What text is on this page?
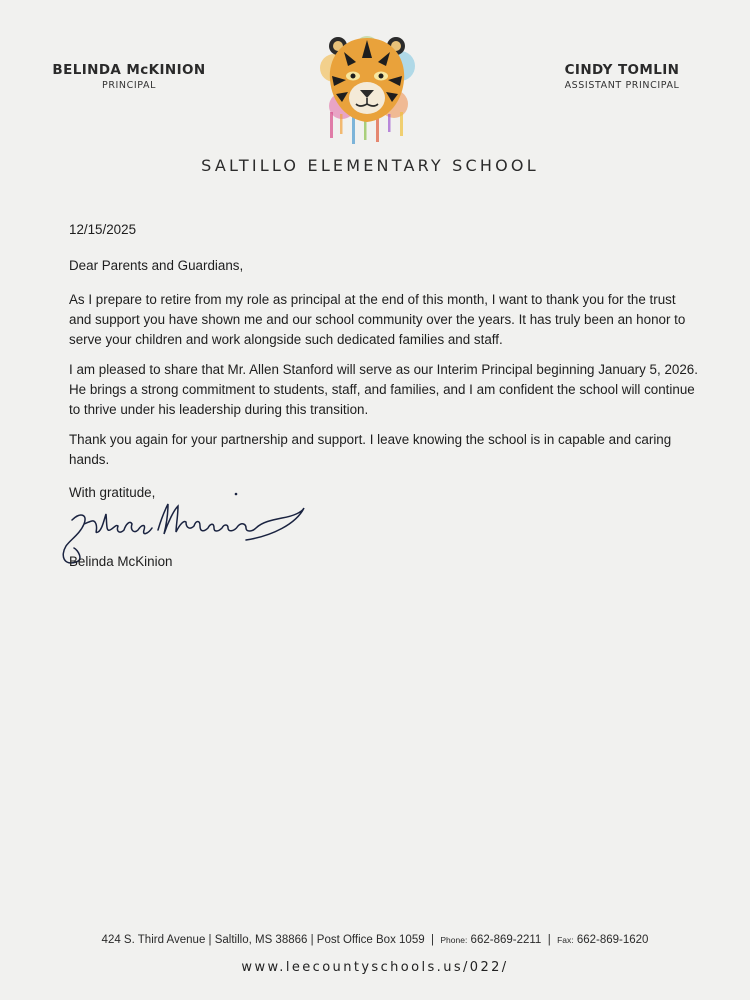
BELINDA McKINION
PRINCIPAL
CINDY TOMLIN
ASSISTANT PRINCIPAL
SALTILLO ELEMENTARY SCHOOL
12/15/2025
Dear Parents and Guardians,
As I prepare to retire from my role as principal at the end of this month, I want to thank you for the trust and support you have shown me and our school community over the years. It has truly been an honor to serve your children and work alongside such dedicated families and staff.
I am pleased to share that Mr. Allen Stanford will serve as our Interim Principal beginning January 5, 2026. He brings a strong commitment to students, staff, and families, and I am confident the school will continue to thrive under his leadership during this transition.
Thank you again for your partnership and support. I leave knowing the school is in capable and caring hands.
With gratitude,
Belinda McKinion
424 S. Third Avenue | Saltillo, MS 38866 | Post Office Box 1059 | Phone: 662-869-2211 | Fax: 662-869-1620
www.leecountyschools.us/022/
